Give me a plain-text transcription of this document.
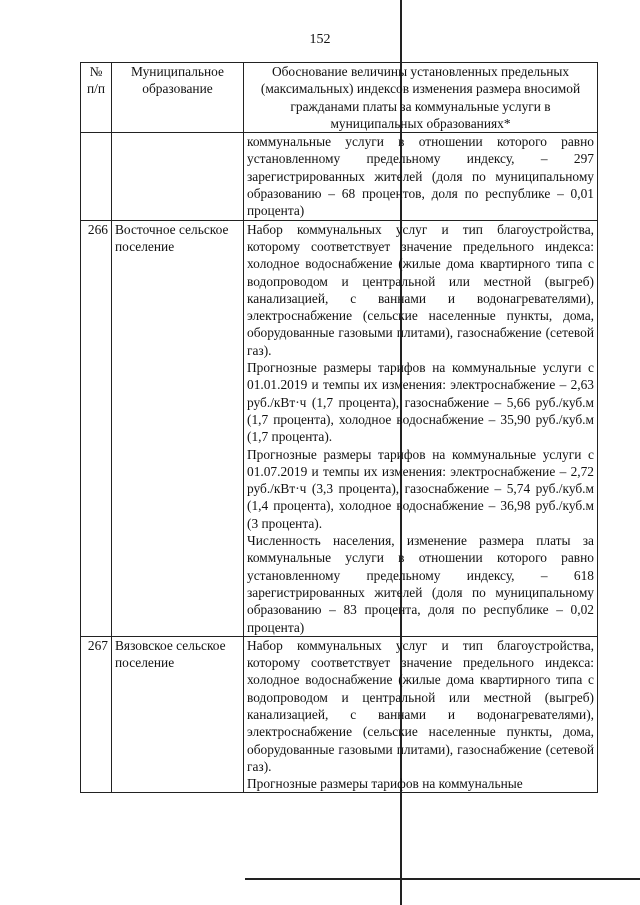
152
№ п/п	Муниципальное образование	Обоснование величины установленных предельных (максимальных) индексов изменения размера вносимой гражданами платы за коммунальные услуги в муниципальных образованиях*

		коммунальные услуги в отношении которого равно установленному предельному индексу, – 297 зарегистрированных жителей (доля по муниципальному образованию – 68 процентов, доля по республике – 0,01 процента)

266	Восточное сельское поселение	Набор коммунальных услуг и тип благоустройства, которому соответствует значение предельного индекса: холодное водоснабжение (жилые дома квартирного типа с водопроводом и центральной или местной (выгреб) канализацией, с ваннами и водонагревателями), электроснабжение (сельские населенные пункты, дома, оборудованные газовыми плитами), газоснабжение (сетевой газ).

Прогнозные размеры тарифов на коммунальные услуги с 01.01.2019 и темпы их изменения: электроснабжение – 2,63 руб./кВт·ч (1,7 процента), газоснабжение – 5,66 руб./куб.м (1,7 процента), холодное водоснабжение – 35,90 руб./куб.м (1,7 процента).

Прогнозные размеры тарифов на коммунальные услуги с 01.07.2019 и темпы их изменения: электроснабжение – 2,72 руб./кВт·ч (3,3 процента), газоснабжение – 5,74 руб./куб.м (1,4 процента), холодное водоснабжение – 36,98 руб./куб.м (3 процента).

Численность населения, изменение размера платы за коммунальные услуги в отношении которого равно установленному предельному индексу, – 618 зарегистрированных жителей (доля по муниципальному образованию – 83 процента, доля по республике – 0,02 процента)

267	Вязовское сельское поселение	Набор коммунальных услуг и тип благоустройства, которому соответствует значение предельного индекса: холодное водоснабжение (жилые дома квартирного типа с водопроводом и центральной или местной (выгреб) канализацией, с ваннами и водонагревателями), электроснабжение (сельские населенные пункты, дома, оборудованные газовыми плитами), газоснабжение (сетевой газ).

Прогнозные размеры тарифов на коммунальные
